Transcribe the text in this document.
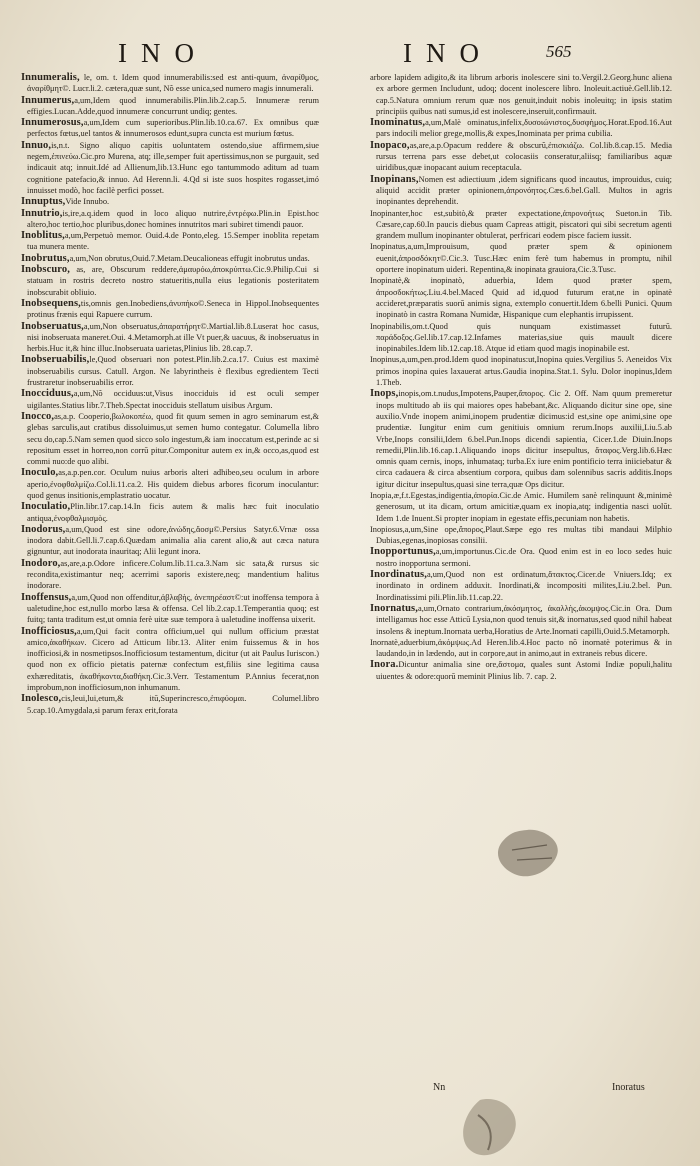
INO	INO	565

Innumeralis, le, om. t. Idem quod innumerabilis:sed est anti-quum, ἀναρίθμος, ἀναρίθμητ©. Lucr.li.2. cætera,quæ sunt, Nõ esse unica,sed numero magis innumerali.

Innumerus,a,um,Idem quod innumerabilis.Plin.lib.2.cap.5. Innumeræ rerum effigies.Lucan.Adde,quod innumeræ concurrunt undiq; gentes.

Innumerosus,a,um,Idem cum superioribus.Plin.lib.10.ca.67. Ex omnibus quæ perfectos fœtus,uel tantos & innumerosos edunt,supra cuncta est murium fœtus.

Innuo,is,n.t. Signo aliquo capitis uoluntatem ostendo,siue affirmem,siue negem,ἐπινεύω.Cic.pro Murena, atq; ille,semper fuit apertissimus,non se purgauit, sed indicauit atq; innuit.Idé ad Allienum,lib.13.Hunc ego tantummodo aditum ad tuam cognitione patefacio,& innuo. Ad Herenn.li. 4.Qd si iste suos hospites rogasset,imó innuisset modò, hoc facilè perfici posset.

Innuptus,Vide Innubo.

Innutrio,is,ire,a.q.idem quod in loco aliquo nutrire,ἐντρέφω.Plin.in Epist.hoc altero,hoc tertio,hoc pluribus,donec homines innutritos mari subiret timendi pauor.

Inoblitus,a,um,Perpetuò memor. Ouid.4.de Ponto,eleg. 15.Semper inoblita repetam tua munera mente.

Inobrutus,a,um,Non obrutus,Ouid.7.Metam.Deucalioneas effugit inobrutus undas.

Inobscuro, as, are, Obscurum reddere,ἀμαυρόω,ἀποκρύπτω.Cic.9.Philip.Cui si statuam in rostris decreto nostro statueritis,nulla eius legationis posteritatem inobscurabit obliuio.

Inobsequens,tis,omnis gen.Inobediens,ἀνυπήκο©.Seneca in Hippol.Inobsequentes protinus frænis equi Rapuere currum.

Inobseruatus,a,um,Non obseruatus,ἀπαρατήρητ©.Martial.lib.8.Luserat hoc casus, nisi inobseruata maneret.Oui. 4.Metamorph.at ille Vt puer,& uacuus, & inobseruatus in herbis.Huc it,& hinc illuc.Inobseruata uarietas,Plinius lib. 28.cap.7.

Inobseruabilis,le,Quod obseruari non potest.Plin.lib.2.ca.17. Cuius est maximè inobseruabilis cursus. Catull. Argon. Ne labyrintheis è flexibus egredientem Tecti frustraretur inobseruabilis error.

Inocciduus,a,um,Nõ occiduus:ut,Visus inocciduis id est oculi semper uigilantes.Statius libr.7.Theb.Spectat inocciduis stellatum uisibus Argum.

Inocco,as,a.p. Cooperio,βωλοκοπέω, quod fit quum semen in agro seminarum est,& glebas sarculis,aut cratibus dissoluimus,ut semen humo contegatur. Columella libro secu do,cap.5.Nam semen quod sicco solo ingestum,& iam inoccatum est,perinde ac si repositum esset in horreo,non corrū pitur.Componitur autem ex in,& occo,as,quod est commi nuo:de quo alibi.

Inoculo,as,a.p.pen.cor. Oculum nuius arboris alteri adhibeo,seu oculum in arbore aperio,ἐνοφθαλμίζω.Col.li.11.ca.2. His quidem diebus arbores ficorum inoculantur: quod genus insitionis,emplastratio uocatur.

Inoculatio,Plin.libr.17.cap.14.In ficis autem & malis hæc fuit inoculatio antiqua,ἐνοφθαλμισμὸς.

Inodorus,a,um,Quod est sine odore,ἀνώδης,ἄοσμ©.Persius Satyr.6.Vrnæ ossa inodora dabit.Gell.li.7.cap.6.Quædam animalia alia carent alio,& aut cæca natura gignuntur, aut inodorata inauritaq; Alii legunt inora.

Inodoro,as,are,a.p.Odore inficere.Colum.lib.11.ca.3.Nam sic sata,& rursus sic recondita,existimantur neq; acerrimi saporis existere,neq; mandentium halitus inodorare.

Inoffensus,a,um,Quod non offenditur,ἀβλαβὴς, ἀνεπηρέαστ©:ut inoffensa tempora à ualetudine,hoc est,nullo morbo læsa & offensa. Cel lib.2.cap.1.Temperantia quoq; est fuitq; tanta traditum est,ut omnia ferè uitæ suæ tempora à ualetudine inoffensa uixerit.

Inofficiosus,a,um,Qui facit contra officium,uel qui nullum officium præstat amico,ἀκαθήκων. Cicero ad Atticum libr.13. Aliter enim fuissemus & in hos inofficiosi,& in nosmetipsos.Inofficiosum testamentum, dicitur (ut ait Paulus Iuriscon.) quod non ex officio pietatis paternæ confectum est,filiis sine legitima causa exhæreditatis, ἀκαθήκοντα,διαθήκη.Cic.3.Verr. Testamentum P.Annius fecerat,non improbum,non inofficiosum,non inhumanum.

Inolesco,cis,leui,lui,etum,& itū,Superincresco,ἐπιφύομαι. Columel.libro 5.cap.10.Amygdala,si parum ferax erit,forata

arbore lapidem adigito,& ita librum arboris inolescere sini to.Vergil.2.Georg.hunc aliena ex arbore germen Includunt, udoq; docent inolescere libro. Inoleuit.actiuè.Gell.lib.12. cap.5.Natura omnium rerum quæ nos genuit,induit nobis inoleuitq; in ipsis statim principiis quibus nati sumus,id est inolescere,inseruit,confirmauit.

Inominatus,a,um,Malè ominatus,infelix,δυσοιώνιστος,δυσφὴμος.Horat.Epod.16.Aut pars indocili melior grege,mollis,& expes,Inominata per prima cubilia.

Inopaco,as,are,a.p.Opacum reddere & obscurũ,ἐπισκιάζω. Col.lib.8.cap.15. Media rursus terrena pars esse debet,ut colocasiis conseratur,aliisq; familiaribus aquæ uiridibus,quæ inopacant auium receptacula.

Inopinans,Nomen est adiectiuum ,idem significans quod incautus, improuidus, cuiq; aliquid accidit præter opinionem,ἀπρονόητος.Cæs.6.bel.Gall. Multos in agris inopinantes deprehendit.

Inopinanter,hoc est,subitò,& præter expectatione,ἀπρονοήτως Sueton.in Tib. Cæsare,cap.60.In paucis diebus quam Capreas attigit, piscatori qui sibi secretum agenti grandem mullum inopinanter obtulerat, perfricari eodem pisce faciem iussit.

Inopinatus,a,um,Improuisum, quod præter spem & opinionem euenit,ἀπροσδόκητ©.Cic.3. Tusc.Hæc enim ferè tum habemus in promptu, nihil oportere inopinatum uideri. Repentina,& inopinata grauiora,Cic.3.Tusc.

Inopinatè,& inopinatò, aduerbia, Idem quod præter spem, ἀπροσδοκήτως.Liu.4.bel.Maced Quid ad id,quod futurum erat,ne in opinatè accideret,præparatis suorū animis signa, extemplo conuertit.Idem 6.belli Punici. Quum inopinatò in castra Romana Numidæ, Hispanique cum elephantis irrupissent.

Inopinabilis,om.t.Quod quis nunquam existimasset futurū. παράδοξος.Gel.lib.17.cap.12.Infames materias,siue quis mauult dicere inopinabiles.Idem lib.12.cap.18. Atque id etiam quod magis inopinabile est.

Inopinus,a,um,pen.prod.Idem quod inopinatus:ut,Inopina quies.Vergilius 5. Aeneidos Vix primos inopina quies laxauerat artus.Gaudia inopina.Stat.1. Sylu. Dolor inopinus,Idem 1.Theb.

Inops,inopis,om.t.nudus,Impotens,Pauper,ἄπορος. Cic 2. Off. Nam quum premeretur inops multitudo ab iis qui maiores opes habebant,&c. Aliquando dicitur sine ope, sine auxilio.Vnde inopem animi,inopem prudentiæ dicimus:id est,sine ope animi,sine ope prudentiæ. Iungitur enim cum genitiuis omnium rerum.Inops auxilii,Liu.5.ab Vrbe,Inops consilii,Idem 6.bel.Pun.Inops dicendi sapientia, Cicer.1.de Diuin.Inops remedii,Plin.lib.16.cap.1.Aliquando inops dicitur insepultus, ἄταφος.Verg.lib.6.Hæc omnis quam cernis, inops, inhumataq; turba.Ex iure enim pontificio terra iniiciebatur & circa cadauera & circa absentium corpora, quibus dam solennibus sacris additis.Inops igitur dicitur insepultus,quasi sine terra,quæ Ops dicitur.

Inopia,æ,f.t.Egestas,indigentia,ἀπορία.Cic.de Amic. Humilem sanè relinquunt &,minimè generosum, ut ita dicam, ortum amicitiæ,quam ex inopia,atq; indigentia nasci uolūt. Idem 1.de Inuent.Si propter inopiam in egestate effis,pecuniam non habetis.

Inopiosus,a,um,Sine ope,ἄπορος,Plaut.Sæpe ego res multas tibi mandaui Milphio Dubias,egenas,inopiosas consilii.

Inopportunus,a,um,importunus.Cic.de Ora. Quod enim est in eo loco sedes huic nostro inopportuna sermoni.

Inordinatus,a,um,Quod non est ordinatum,ἄτακτος.Cicer.de Vniuers.Idq; ex inordinato in ordinem adduxit. Inordinati,& incompositi milites,Liu.2.bel. Pun. Inordinatissimi pili.Plin.lib.11.cap.22.

Inornatus,a,um,Ornato contrarium,ἀκόσμητος, ἀκαλλὴς,ἀκομψος.Cic.in Ora. Dum intelligamus hoc esse Atticū Lysia,non quod tenuis sit,& inornatus,sed quod nihil habeat insolens & ineptum.Inornata uerba,Horatius de Arte.Inornati capilli,Ouid.5.Metamorph.

Inornatè,aduerbium,ἀκόμψως.Ad Heren.lib.4.Hoc pacto nõ inornatè poterimus & in laudando,in in lædendo, aut in corpore,aut in animo,aut in extraneis rebus dicere.

Inora.Dicuntur animalia sine ore,ἄστομα, quales sunt Astomi Indiæ populi,halitu uiuentes & odore:quorū meminit Plinius lib. 7. cap. 2.

Nn	Inoratus
